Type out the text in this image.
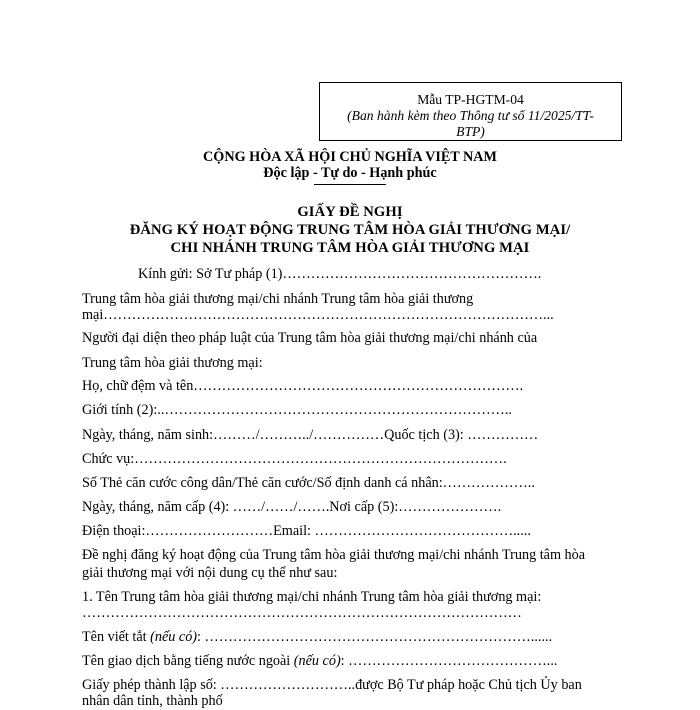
Mẫu TP-HGTM-04
(Ban hành kèm theo Thông tư số 11/2025/TT-
BTP)
CỘNG HÒA XÃ HỘI CHỦ NGHĨA VIỆT NAM
Độc lập - Tự do - Hạnh phúc
GIẤY ĐỀ NGHỊ
ĐĂNG KÝ HOẠT ĐỘNG TRUNG TÂM HÒA GIẢI THƯƠNG MẠI/
CHI NHÁNH TRUNG TÂM HÒA GIẢI THƯƠNG MẠI
Kính gửi: Sở Tư pháp (1)……………………………………………….
Trung tâm hòa giải thương mại/chi nhánh Trung tâm hòa giải thương
mại…………………………………………………………………………………...
Người đại diện theo pháp luật của Trung tâm hòa giải thương mại/chi nhánh của
Trung tâm hòa giải thương mại:
Họ, chữ đệm và tên…………………………………………………………….
Giới tính (2):..………………………………………………………………..
Ngày, tháng, năm sinh:………/………../……………Quốc tịch (3): ……………
Chức vụ:…………………………………………………………………….
Số Thẻ căn cước công dân/Thẻ căn cước/Số định danh cá nhân:………………..
Ngày, tháng, năm cấp (4): ……/……/…….Nơi cấp (5):………………….
Điện thoại:………………………Email: …………………………………….....
Đề nghị đăng ký hoạt động của Trung tâm hòa giải thương mại/chi nhánh Trung tâm hòa
giải thương mại với nội dung cụ thể như sau:
1. Tên Trung tâm hòa giải thương mại/chi nhánh Trung tâm hòa giải thương mại:
…………………………………………………………………………………
Tên viết tắt (nếu có): ……………………………………………………………......
Tên giao dịch bằng tiếng nước ngoài (nếu có): ……………………………………...
Giấy phép thành lập số: ………………………..được Bộ Tư pháp hoặc Chủ tịch Ủy ban
nhân dân tỉnh, thành phố
